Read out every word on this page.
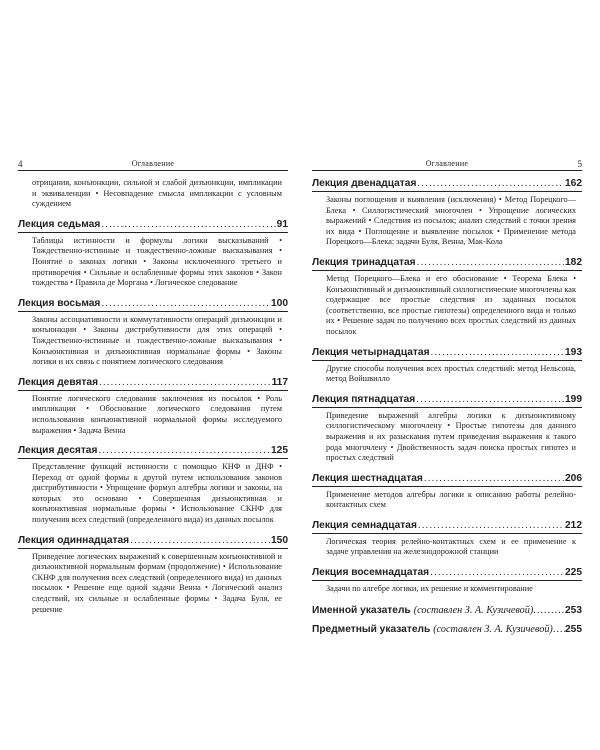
4	Оглавление
отрицания, конъюнкции, сильной и слабой дизъюнкции, импликации и эквиваленции • Несовпадение смысла импликации с условным суждением
Лекция седьмая .....	91
Таблицы истинности и формулы логики высказываний • Тождественно-истинные и тождественно-ложные высказывания • Понятие о законах логики • Законы исключенного третьего и противоречия • Сильные и ослабленные формы этих законов • Закон тождества • Правила де Моргана • Логическое следование
Лекция восьмая .....	100
Законы ассоциативности и коммутативности операций дизъюнкции и конъюнкции • Законы дистрибутивности для этих операций • Тождественно-истинные и тождественно-ложные высказывания • Конъюнктивная и дизъюнктивная нормальные формы • Законы логики и их связь с понятием логического следования
Лекция девятая .....	117
Понятие логического следования заключения из посылок • Роль импликации • Обоснование логического следования путем использования конъюнктивной нормальной формы исследуемого выражения • Задача Венна
Лекция десятая .....	125
Представление функций истинности с помощью КНФ и ДНФ • Переход от одной формы к другой путем использования законов дистрибутивности • Упрощение формул алгебры логики и законы, на которых это основано • Совершенная дизъюнктивная и конъюнктивная нормальные формы • Использование СКНФ для получения всех следствий (определенного вида) из данных посылок
Лекция одиннадцатая .....	150
Приведение логических выражений к совершенным конъюнктивной и дизъюнктивной нормальным формам (продолжение) • Использование СКНФ для получения всех следствий (определенного вида) из данных посылок • Решение еще одной задачи Венна • Логический анализ следствий, их сильные и ослабленные формы • Задача Буля, ее решение
Оглавление	5
Лекция двенадцатая .....	162
Законы поглощения и выявления (исключения) • Метод Порецкого—Блека • Силлогистический многочлен • Упрощение логических выражений • Следствия из посылок; анализ следствий с точки зрения их вида • Поглощение и выявление посылок • Применение метода Порецкого—Блека: задачи Буля, Венна, Мак-Кола
Лекция тринадцатая .....	182
Метод Порецкого—Блека и его обоснование • Теорема Блека • Конъюнктивный и дизъюнктивный силлогистические многочлены как содержащие все простые следствия из заданных посылок (соответственно, все простые гипотезы) определенного вида и только их • Решение задач по получению всех простых следствий из данных посылок
Лекция четырнадцатая .....	193
Другие способы получения всех простых следствий: метод Нельсона, метод Войшвилло
Лекция пятнадцатая .....	199
Приведение выражений алгебры логики к дизъюнктивному силлогистическому многочлену • Простые гипотезы для данного выражения и их разыскания путем приведения выражения к такого рода многочлену • Двойственность задач поиска простых гипотез и простых следствий
Лекция шестнадцатая .....	206
Применение методов алгебры логики к описанию работы релейно-контактных схем
Лекция семнадцатая .....	212
Логическая теория релейно-контактных схем и ее применение к задаче управления на железнодорожной станции
Лекция восемнадцатая .....	225
Задачи по алгебре логики, их решение и комментирование
Именной указатель (составлен З. А. Кузичевой) .....	253
Предметный указатель (составлен З. А. Кузичевой) ..... 255
